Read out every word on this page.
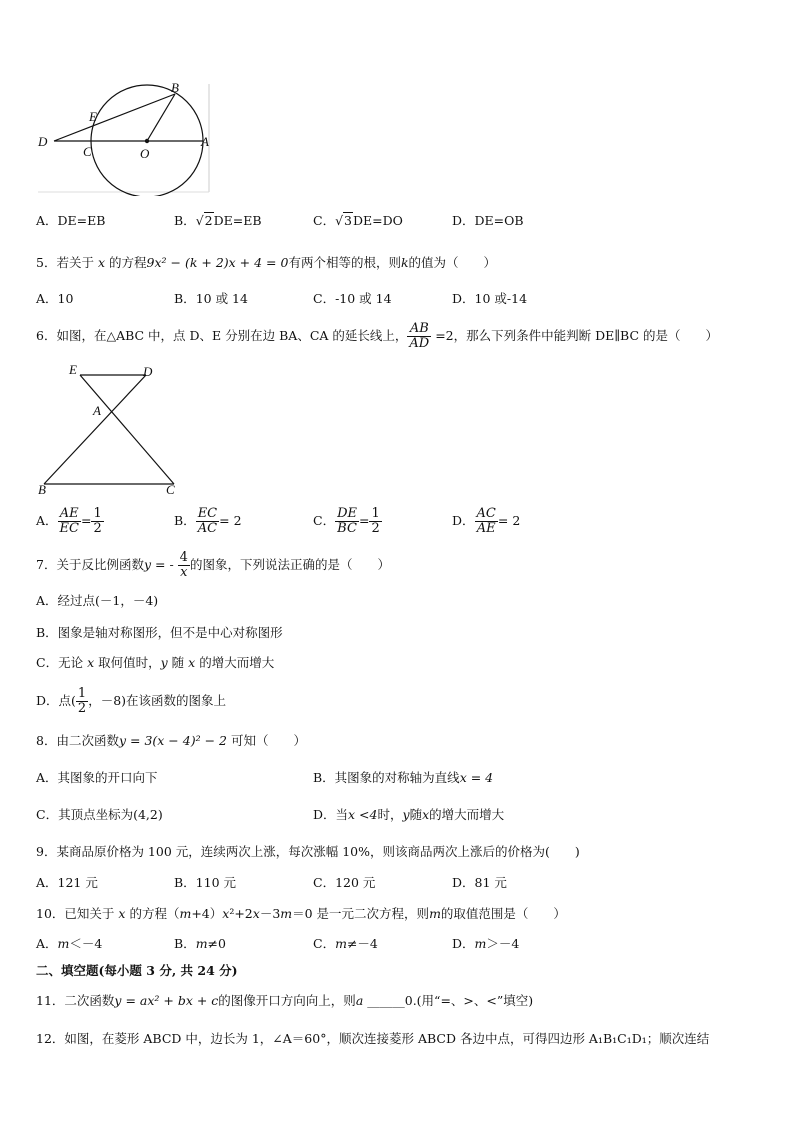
B
E
D
C	O
A
A．DE=EB	B．√2DE=EB	C．√3DE=DO	D．DE=OB
5．若关于 x 的方程9x² − (k + 2)x + 4 = 0有两个相等的根，则k的值为（　　）
A．10	B．10 或 14	C．-10 或 14	D．10 或-14
6．如图，在△ABC 中，点 D、E 分别在边 BA、CA 的延长线上， $\frac{AB}{AD} =2$，那么下列条件中能判断 DE∥BC 的是（　　）
E	D
A
B	C
A． $\frac{AE}{EC} = \frac{1}{2}$	B． $\frac{EC}{AC} = 2$	C． $\frac{DE}{BC} = \frac{1}{2}$	D． $\frac{AC}{AE} = 2$
7．关于反比例函数y = - $\frac{4}{x}$ 的图象，下列说法正确的是（　　）
A．经过点(－1，－4)
B．图象是轴对称图形，但不是中心对称图形
C．无论 x 取何值时，y 随 x 的增大而增大
D．点( $\frac{1}{2}$ ，－8)在该函数的图象上
8．由二次函数y = 3(x − 4)² − 2 可知（　　）
A．其图象的开口向下	B．其图象的对称轴为直线x = 4
C．其顶点坐标为(4,2)	D．当x <4时，y随x的增大而增大
9．某商品原价格为 100 元，连续两次上涨，每次涨幅 10%，则该商品两次上涨后的价格为(　　)
A．121 元	B．110 元	C．120 元	D．81 元
10．已知关于 x 的方程（m+4）x²+2x－3m＝0 是一元二次方程，则m的取值范围是（　　）
A．m＜－4	B．m≠0	C．m≠－4	D．m＞－4
二、填空题(每小题 3 分, 共 24 分)
11．二次函数y = ax² + bx + c的图像开口方向向上，则a ______0.(用“=、>、<”填空)
12．如图，在菱形 ABCD 中，边长为 1，∠A＝60°，顺次连接菱形 ABCD 各边中点，可得四边形 A₁B₁C₁D₁；顺次连结
